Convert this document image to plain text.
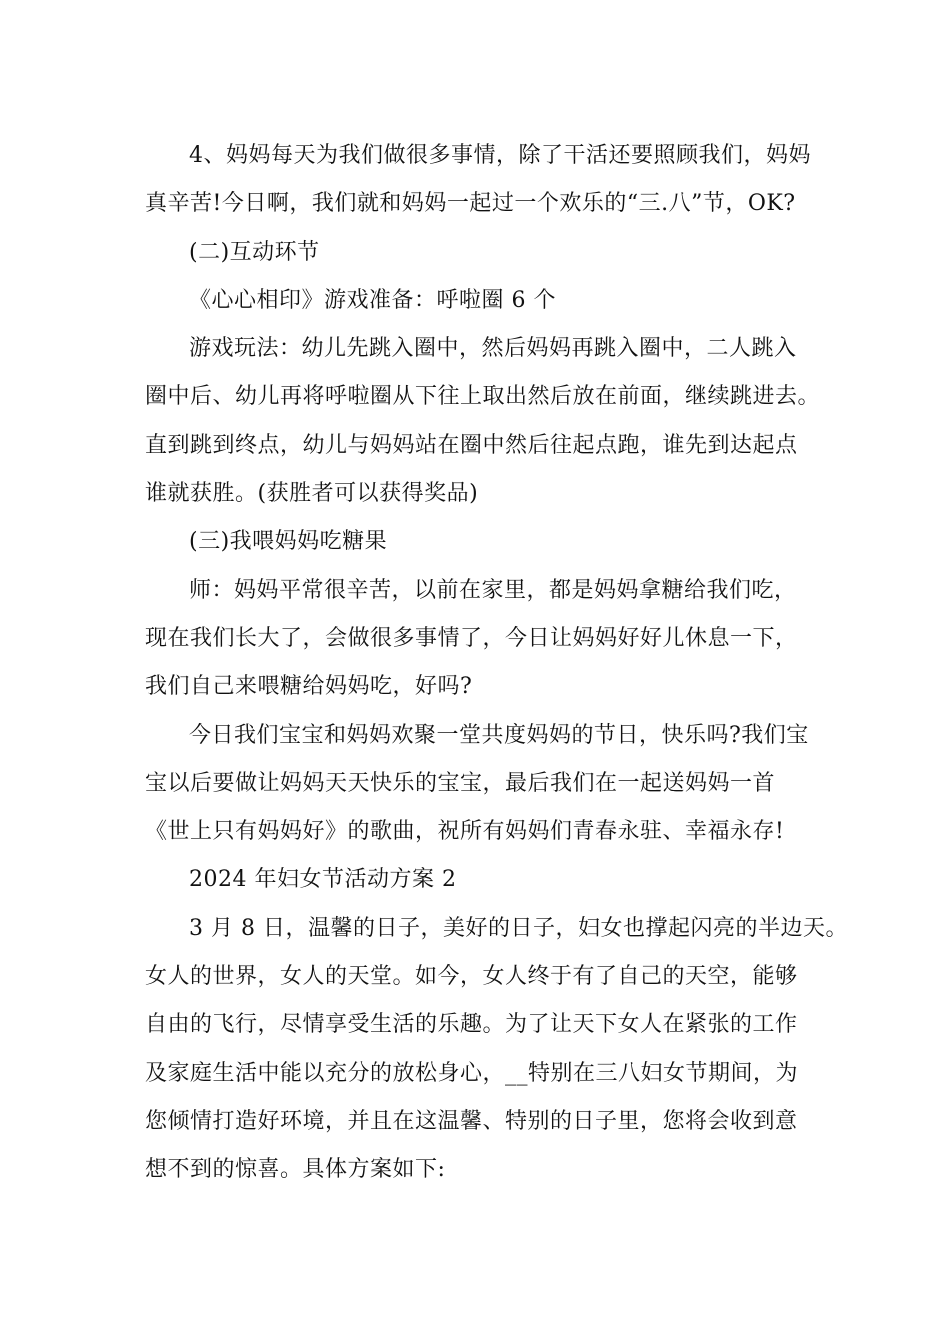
4、妈妈每天为我们做很多事情，除了干活还要照顾我们，妈妈
真辛苦!今日啊，我们就和妈妈一起过一个欢乐的“三.八”节，OK?

(二)互动环节

《心心相印》游戏准备：呼啦圈 6 个

游戏玩法：幼儿先跳入圈中，然后妈妈再跳入圈中，二人跳入
圈中后、幼儿再将呼啦圈从下往上取出然后放在前面，继续跳进去。
直到跳到终点，幼儿与妈妈站在圈中然后往起点跑，谁先到达起点
谁就获胜。(获胜者可以获得奖品)

(三)我喂妈妈吃糖果

师：妈妈平常很辛苦，以前在家里，都是妈妈拿糖给我们吃，
现在我们长大了，会做很多事情了，今日让妈妈好好儿休息一下，
我们自己来喂糖给妈妈吃，好吗?

今日我们宝宝和妈妈欢聚一堂共度妈妈的节日，快乐吗?我们宝
宝以后要做让妈妈天天快乐的宝宝，最后我们在一起送妈妈一首
《世上只有妈妈好》的歌曲，祝所有妈妈们青春永驻、幸福永存!

2024 年妇女节活动方案 2

3 月 8 日，温馨的日子，美好的日子，妇女也撑起闪亮的半边天。
女人的世界，女人的天堂。如今，女人终于有了自己的天空，能够
自由的飞行，尽情享受生活的乐趣。为了让天下女人在紧张的工作
及家庭生活中能以充分的放松身心，__特别在三八妇女节期间，为
您倾情打造好环境，并且在这温馨、特别的日子里，您将会收到意
想不到的惊喜。具体方案如下:
